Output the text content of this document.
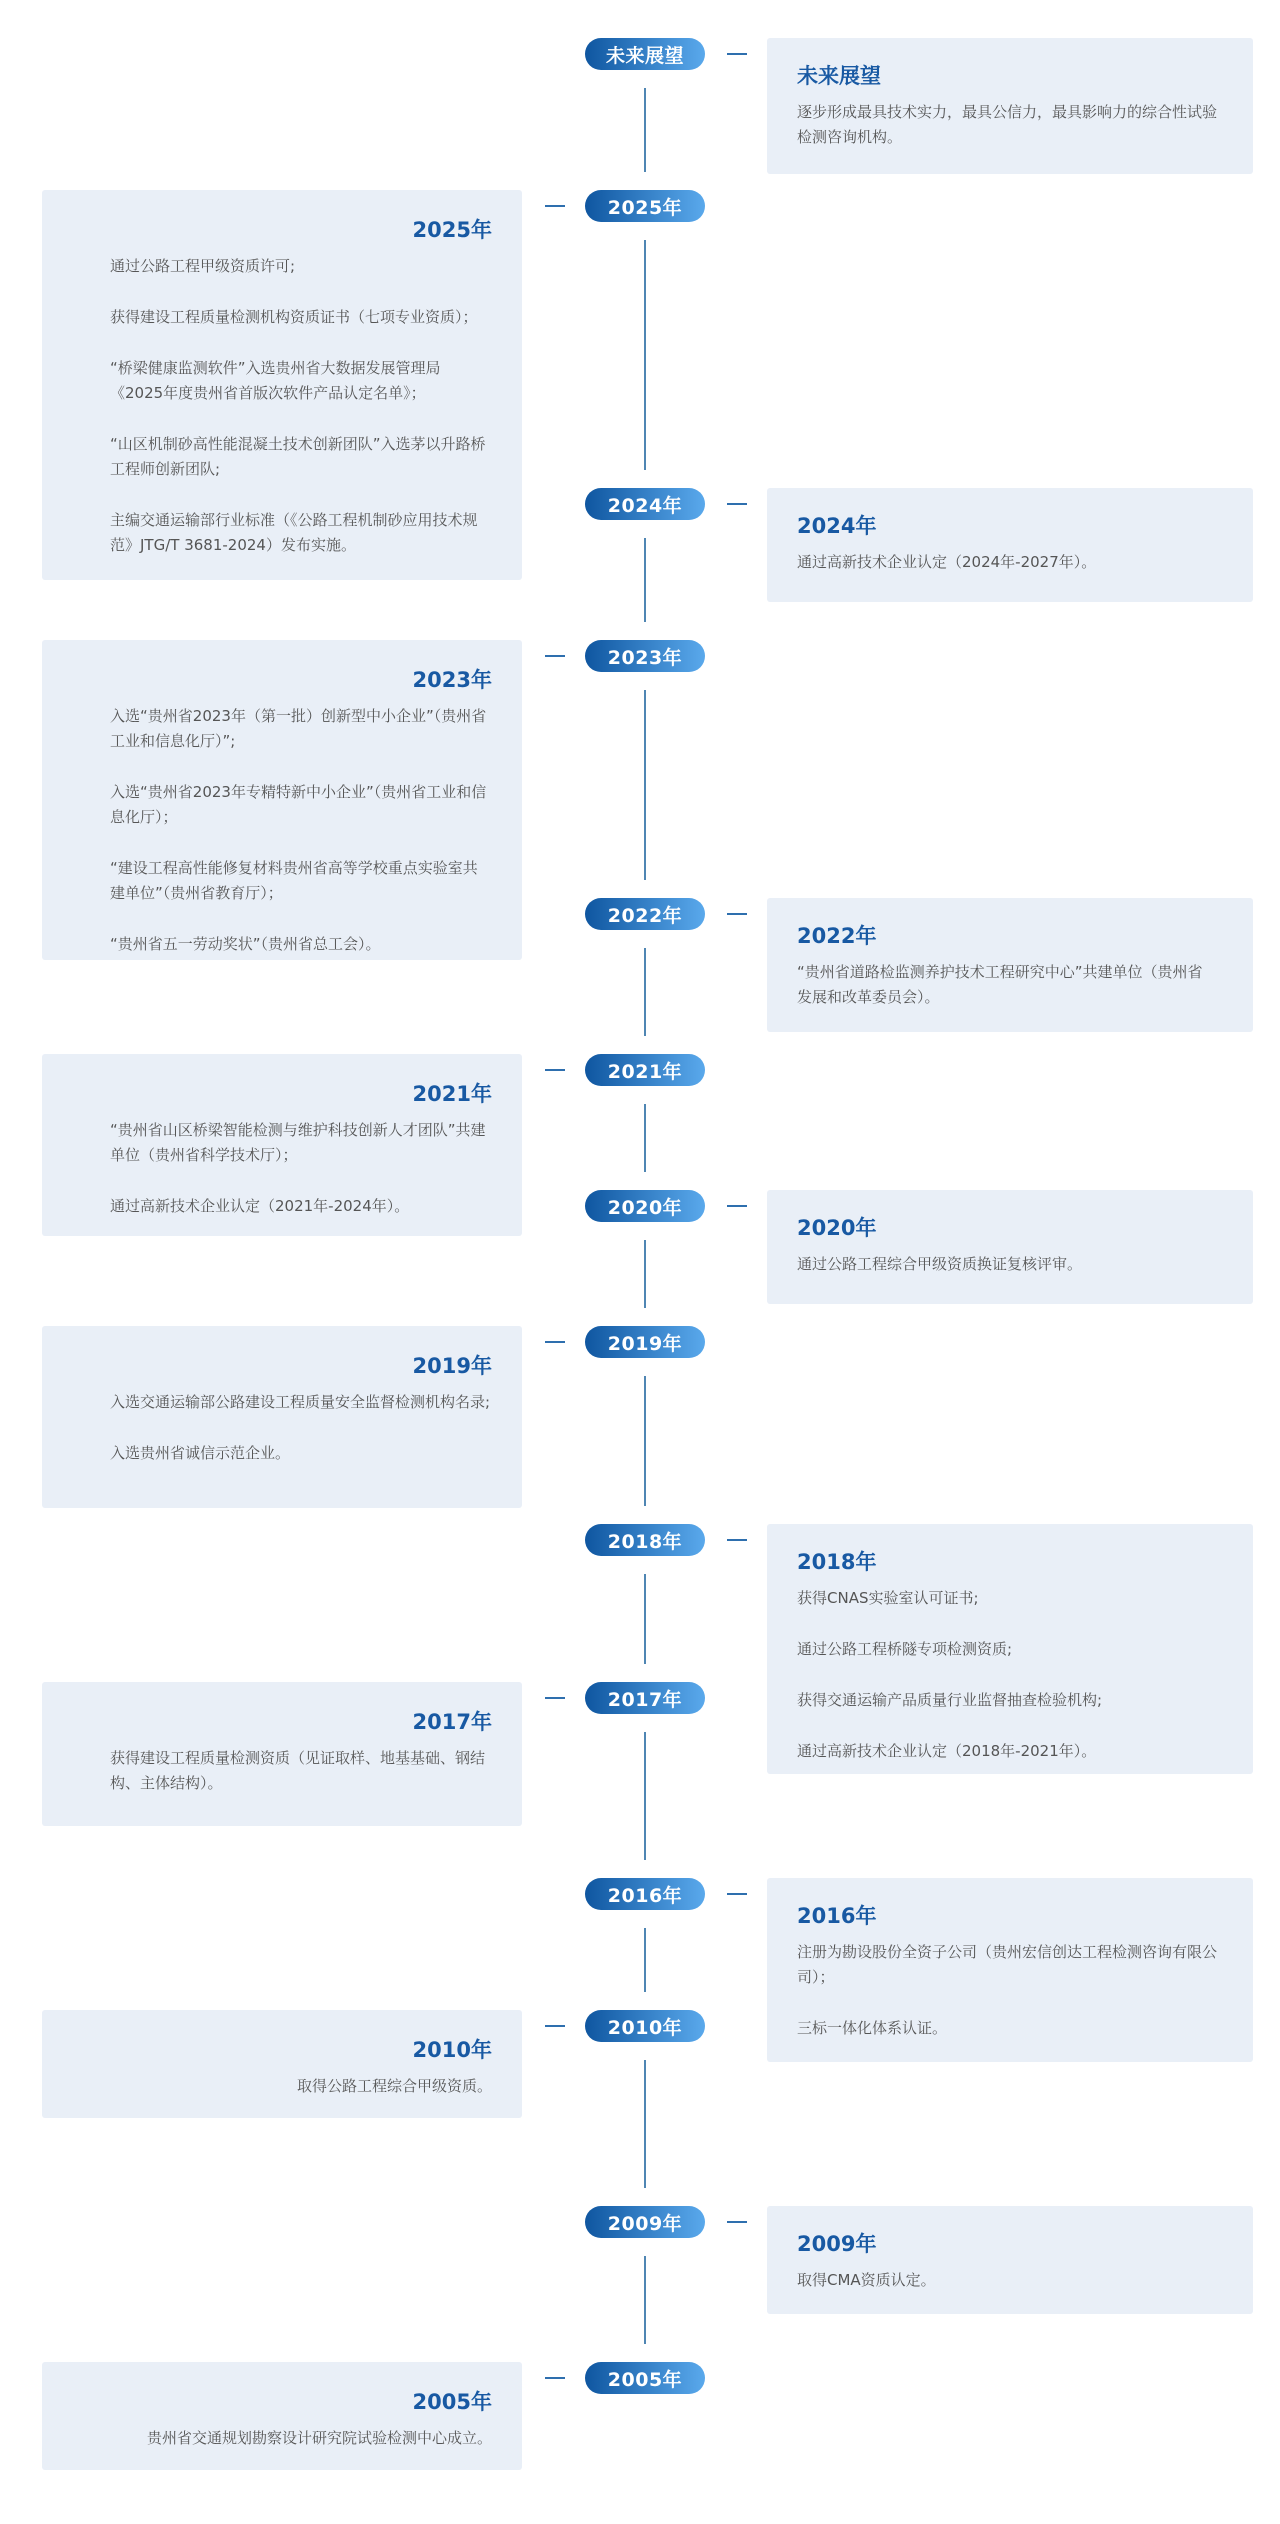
未来展望
未来展望

逐步形成最具技术实力，最具公信力，最具影响力的综合性试验检测咨询机构。

2025年
2025年

通过公路工程甲级资质许可;

获得建设工程质量检测机构资质证书（七项专业资质）；

“桥梁健康监测软件”入选贵州省大数据发展管理局《2025年度贵州省首版次软件产品认定名单》；

“山区机制砂高性能混凝土技术创新团队”入选茅以升路桥工程师创新团队;

主编交通运输部行业标准（《公路工程机制砂应用技术规范》JTG/T 3681-2024）发布实施。

2024年
2024年

通过高新技术企业认定（2024年-2027年）。

2023年
2023年

入选“贵州省2023年（第一批）创新型中小企业”（贵州省工业和信息化厅）”;

入选“贵州省2023年专精特新中小企业”（贵州省工业和信息化厅）；

“建设工程高性能修复材料贵州省高等学校重点实验室共建单位”（贵州省教育厅）；

“贵州省五一劳动奖状”（贵州省总工会）。

2022年
2022年

“贵州省道路检监测养护技术工程研究中心”共建单位（贵州省发展和改革委员会）。

2021年
2021年

“贵州省山区桥梁智能检测与维护科技创新人才团队”共建单位（贵州省科学技术厅）；

通过高新技术企业认定（2021年-2024年）。	2020年
2020年

通过公路工程综合甲级资质换证复核评审。

2019年
2019年

入选交通运输部公路建设工程质量安全监督检测机构名录;

入选贵州省诚信示范企业。

2018年
2018年

获得CNAS实验室认可证书;

通过公路工程桥隧专项检测资质;

获得交通运输产品质量行业监督抽查检验机构;

通过高新技术企业认定（2018年-2021年）。

2017年
2017年

获得建设工程质量检测资质（见证取样、地基基础、钢结构、主体结构）。

2016年
2016年

注册为勘设股份全资子公司（贵州宏信创达工程检测咨询有限公司）；

三标一体化体系认证。

2010年
2010年

取得公路工程综合甲级资质。

2009年
2009年

取得CMA资质认定。

2005年
2005年

贵州省交通规划勘察设计研究院试验检测中心成立。
